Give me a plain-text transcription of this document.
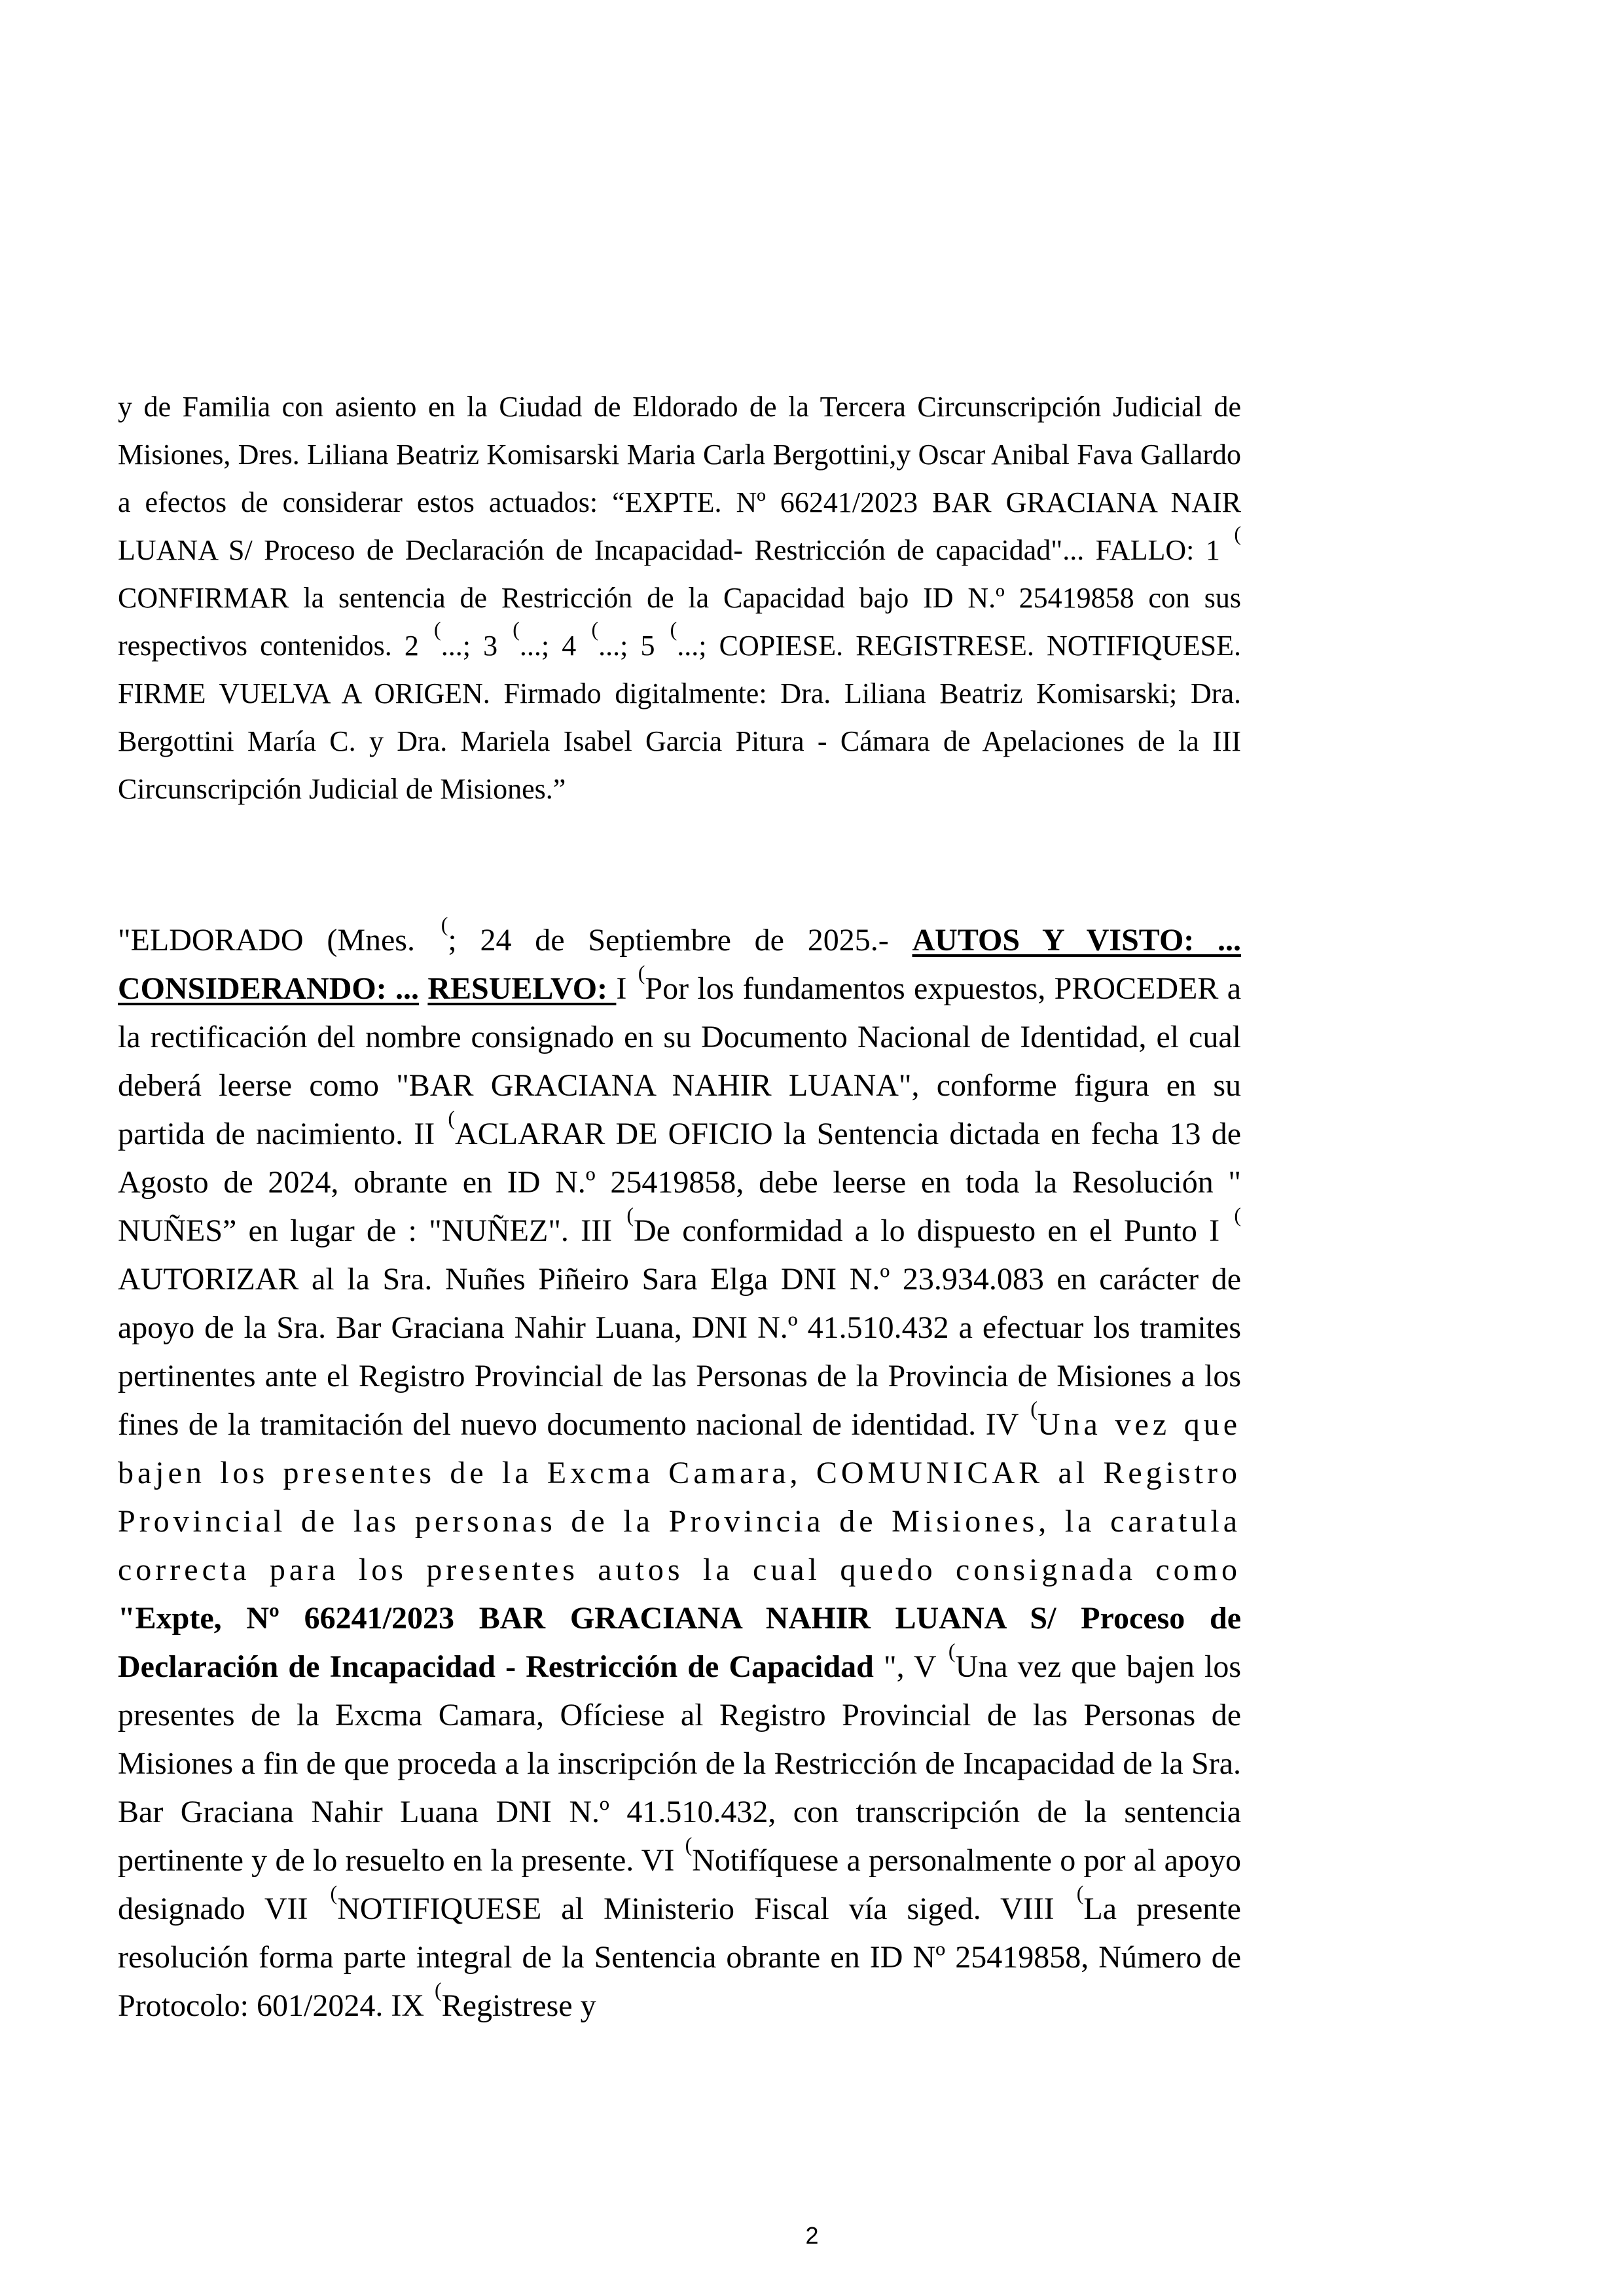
y de Familia con asiento en la Ciudad de Eldorado de la Tercera Circunscripción Judicial de Misiones, Dres. Liliana Beatriz Komisarski Maria Carla Bergottini,y Oscar Anibal Fava Gallardo a efectos de considerar estos actuados: “EXPTE. Nº 66241/2023 BAR GRACIANA NAIR LUANA S/ Proceso de Declaración de Incapacidad- Restricción de capacidad"... FALLO: 1 (CONFIRMAR la sentencia de Restricción de la Capacidad bajo ID N.º 25419858 con sus respectivos contenidos. 2 (...; 3 (...; 4 (...; 5 (...; COPIESE. REGISTRESE. NOTIFIQUESE. FIRME VUELVA A ORIGEN. Firmado digitalmente: Dra. Liliana Beatriz Komisarski; Dra. Bergottini María C. y Dra. Mariela Isabel Garcia Pitura - Cámara de Apelaciones de la III Circunscripción Judicial de Misiones.”
"ELDORADO (Mnes. (; 24 de Septiembre de 2025.- AUTOS Y VISTO: ... CONSIDERANDO: ... RESUELVO: I (Por los fundamentos expuestos, PROCEDER a la rectificación del nombre consignado en su Documento Nacional de Identidad, el cual deberá leerse como "BAR GRACIANA NAHIR LUANA", conforme figura en su partida de nacimiento. II (ACLARAR DE OFICIO la Sentencia dictada en fecha 13 de Agosto de 2024, obrante en ID N.º 25419858, debe leerse en toda la Resolución " NUÑES” en lugar de : "NUÑEZ". III (De conformidad a lo dispuesto en el Punto I (AUTORIZAR al la Sra. Nuñes Piñeiro Sara Elga DNI N.º 23.934.083 en carácter de apoyo de la Sra. Bar Graciana Nahir Luana, DNI N.º 41.510.432 a efectuar los tramites pertinentes ante el Registro Provincial de las Personas de la Provincia de Misiones a los fines de la tramitación del nuevo documento nacional de identidad. IV (Una vez que bajen los presentes de la Excma Camara, COMUNICAR al Registro Provincial de las personas de la Provincia de Misiones, la caratula correcta para los presentes autos la cual quedo consignada como "Expte, Nº 66241/2023 BAR GRACIANA NAHIR LUANA S/ Proceso de Declaración de Incapacidad - Restricción de Capacidad ", V (Una vez que bajen los presentes de la Excma Camara, Ofíciese al Registro Provincial de las Personas de Misiones a fin de que proceda a la inscripción de la Restricción de Incapacidad de la Sra. Bar Graciana Nahir Luana DNI N.º 41.510.432, con transcripción de la sentencia pertinente y de lo resuelto en la presente. VI (Notifíquese a personalmente o por al apoyo designado VII (NOTIFIQUESE al Ministerio Fiscal vía siged. VIII (La presente resolución forma parte integral de la Sentencia obrante en ID Nº 25419858, Número de Protocolo: 601/2024. IX (Registrese y
2
